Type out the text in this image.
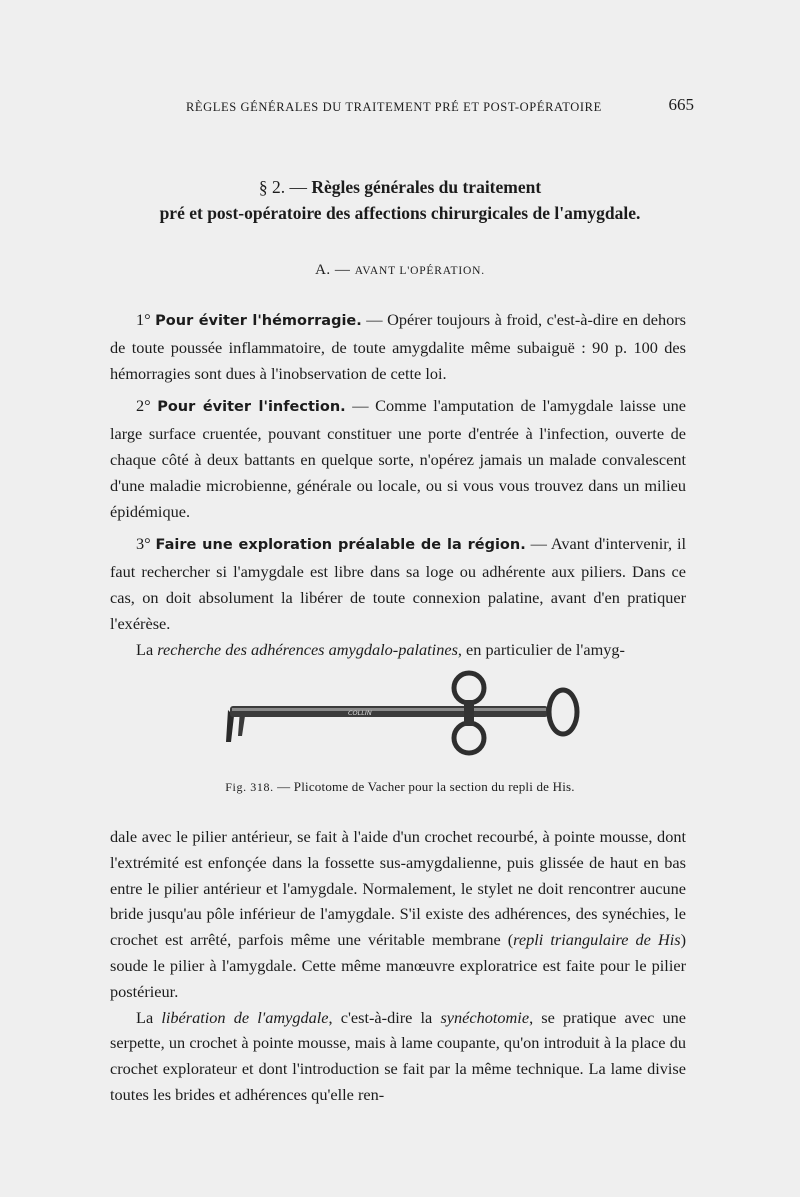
RÈGLES GÉNÉRALES DU TRAITEMENT PRÉ ET POST-OPÉRATOIRE	665
§ 2. — Règles générales du traitement
pré et post-opératoire des affections chirurgicales de l'amygdale.
A. — AVANT L'OPÉRATION.

1° Pour éviter l'hémorragie. — Opérer toujours à froid, c'est-à-dire en dehors de toute poussée inflammatoire, de toute amygdalite même subaiguë : 90 p. 100 des hémorragies sont dues à l'inobservation de cette loi.

2° Pour éviter l'infection. — Comme l'amputation de l'amygdale laisse une large surface cruentée, pouvant constituer une porte d'entrée à l'infection, ouverte de chaque côté à deux battants en quelque sorte, n'opérez jamais un malade convalescent d'une maladie microbienne, générale ou locale, ou si vous vous trouvez dans un milieu épidémique.

3° Faire une exploration préalable de la région. — Avant d'intervenir, il faut rechercher si l'amygdale est libre dans sa loge ou adhérente aux piliers. Dans ce cas, on doit absolument la libérer de toute connexion palatine, avant d'en pratiquer l'exérèse.

La recherche des adhérences amygdalo-palatines, en particulier de l'amyg-

COLLIN
Fig. 318. — Plicotome de Vacher pour la section du repli de His.

dale avec le pilier antérieur, se fait à l'aide d'un crochet recourbé, à pointe mousse, dont l'extrémité est enfonçée dans la fossette sus-amygdalienne, puis glissée de haut en bas entre le pilier antérieur et l'amygdale. Normalement, le stylet ne doit rencontrer aucune bride jusqu'au pôle inférieur de l'amygdale. S'il existe des adhérences, des synéchies, le crochet est arrêté, parfois même une véritable membrane (repli triangulaire de His) soude le pilier à l'amygdale. Cette même manœuvre exploratrice est faite pour le pilier postérieur.

La libération de l'amygdale, c'est-à-dire la synéchotomie, se pratique avec une serpette, un crochet à pointe mousse, mais à lame coupante, qu'on introduit à la place du crochet explorateur et dont l'introduction se fait par la même technique. La lame divise toutes les brides et adhérences qu'elle ren-
